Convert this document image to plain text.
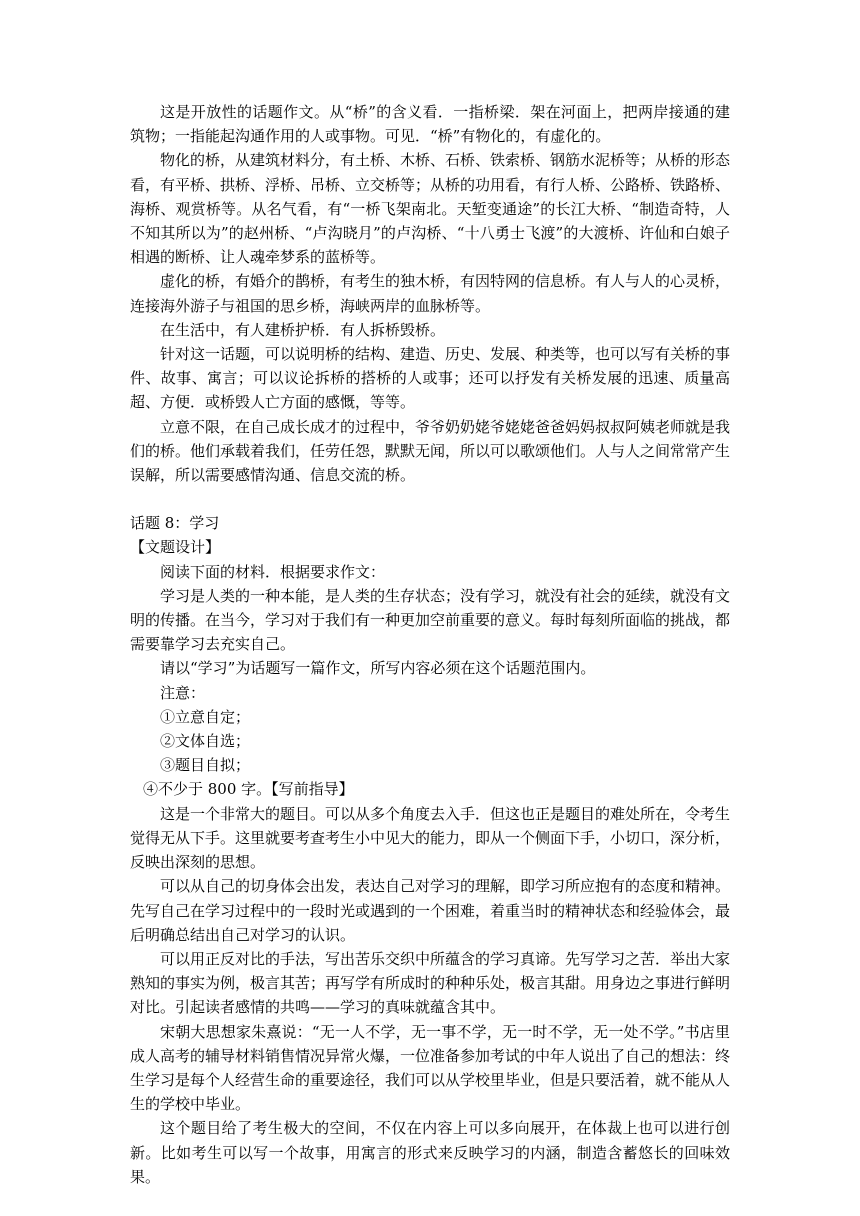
这是开放性的话题作文。从“桥”的含义看．一指桥梁．架在河面上，把两岸接通的建筑物；一指能起沟通作用的人或事物。可见．“桥”有物化的，有虚化的。

物化的桥，从建筑材料分，有土桥、木桥、石桥、铁索桥、钢筋水泥桥等；从桥的形态看，有平桥、拱桥、浮桥、吊桥、立交桥等；从桥的功用看，有行人桥、公路桥、铁路桥、海桥、观赏桥等。从名气看，有“一桥飞架南北。天堑变通途”的长江大桥、“制造奇特，人不知其所以为”的赵州桥、“卢沟晓月”的卢沟桥、“十八勇士飞渡”的大渡桥、许仙和白娘子相遇的断桥、让人魂牵梦系的蓝桥等。

虚化的桥，有婚介的鹊桥，有考生的独木桥，有因特网的信息桥。有人与人的心灵桥，连接海外游子与祖国的思乡桥，海峡两岸的血脉桥等。

在生活中，有人建桥护桥．有人拆桥毁桥。

针对这一话题，可以说明桥的结构、建造、历史、发展、种类等，也可以写有关桥的事件、故事、寓言；可以议论拆桥的搭桥的人或事；还可以抒发有关桥发展的迅速、质量高超、方便．或桥毁人亡方面的感慨，等等。

立意不限，在自己成长成才的过程中，爷爷奶奶姥爷姥姥爸爸妈妈叔叔阿姨老师就是我们的桥。他们承载着我们，任劳任怨，默默无闻，所以可以歌颂他们。人与人之间常常产生误解，所以需要感情沟通、信息交流的桥。

话题 8：学习

【文题设计】

阅读下面的材料．根据要求作文：

学习是人类的一种本能，是人类的生存状态；没有学习，就没有社会的延续，就没有文明的传播。在当今，学习对于我们有一种更加空前重要的意义。每时每刻所面临的挑战，都需要靠学习去充实自己。

请以“学习”为话题写一篇作文，所写内容必须在这个话题范围内。

注意：

①立意自定；

②文体自选；

③题目自拟；

④不少于 800 字。【写前指导】

这是一个非常大的题目。可以从多个角度去入手．但这也正是题目的难处所在，令考生觉得无从下手。这里就要考查考生小中见大的能力，即从一个侧面下手，小切口，深分析，反映出深刻的思想。

可以从自己的切身体会出发，表达自己对学习的理解，即学习所应抱有的态度和精神。先写自己在学习过程中的一段时光或遇到的一个困难，着重当时的精神状态和经验体会，最后明确总结出自己对学习的认识。

可以用正反对比的手法，写出苦乐交织中所蕴含的学习真谛。先写学习之苦．举出大家熟知的事实为例，极言其苦；再写学有所成时的种种乐处，极言其甜。用身边之事进行鲜明对比。引起读者感情的共鸣——学习的真味就蕴含其中。

宋朝大思想家朱熹说：“无一人不学，无一事不学，无一时不学，无一处不学。”书店里成人高考的辅导材料销售情况异常火爆，一位准备参加考试的中年人说出了自己的想法：终生学习是每个人经营生命的重要途径，我们可以从学校里毕业，但是只要活着，就不能从人生的学校中毕业。

这个题目给了考生极大的空间，不仅在内容上可以多向展开，在体裁上也可以进行创新。比如考生可以写一个故事，用寓言的形式来反映学习的内涵，制造含蓄悠长的回味效果。
